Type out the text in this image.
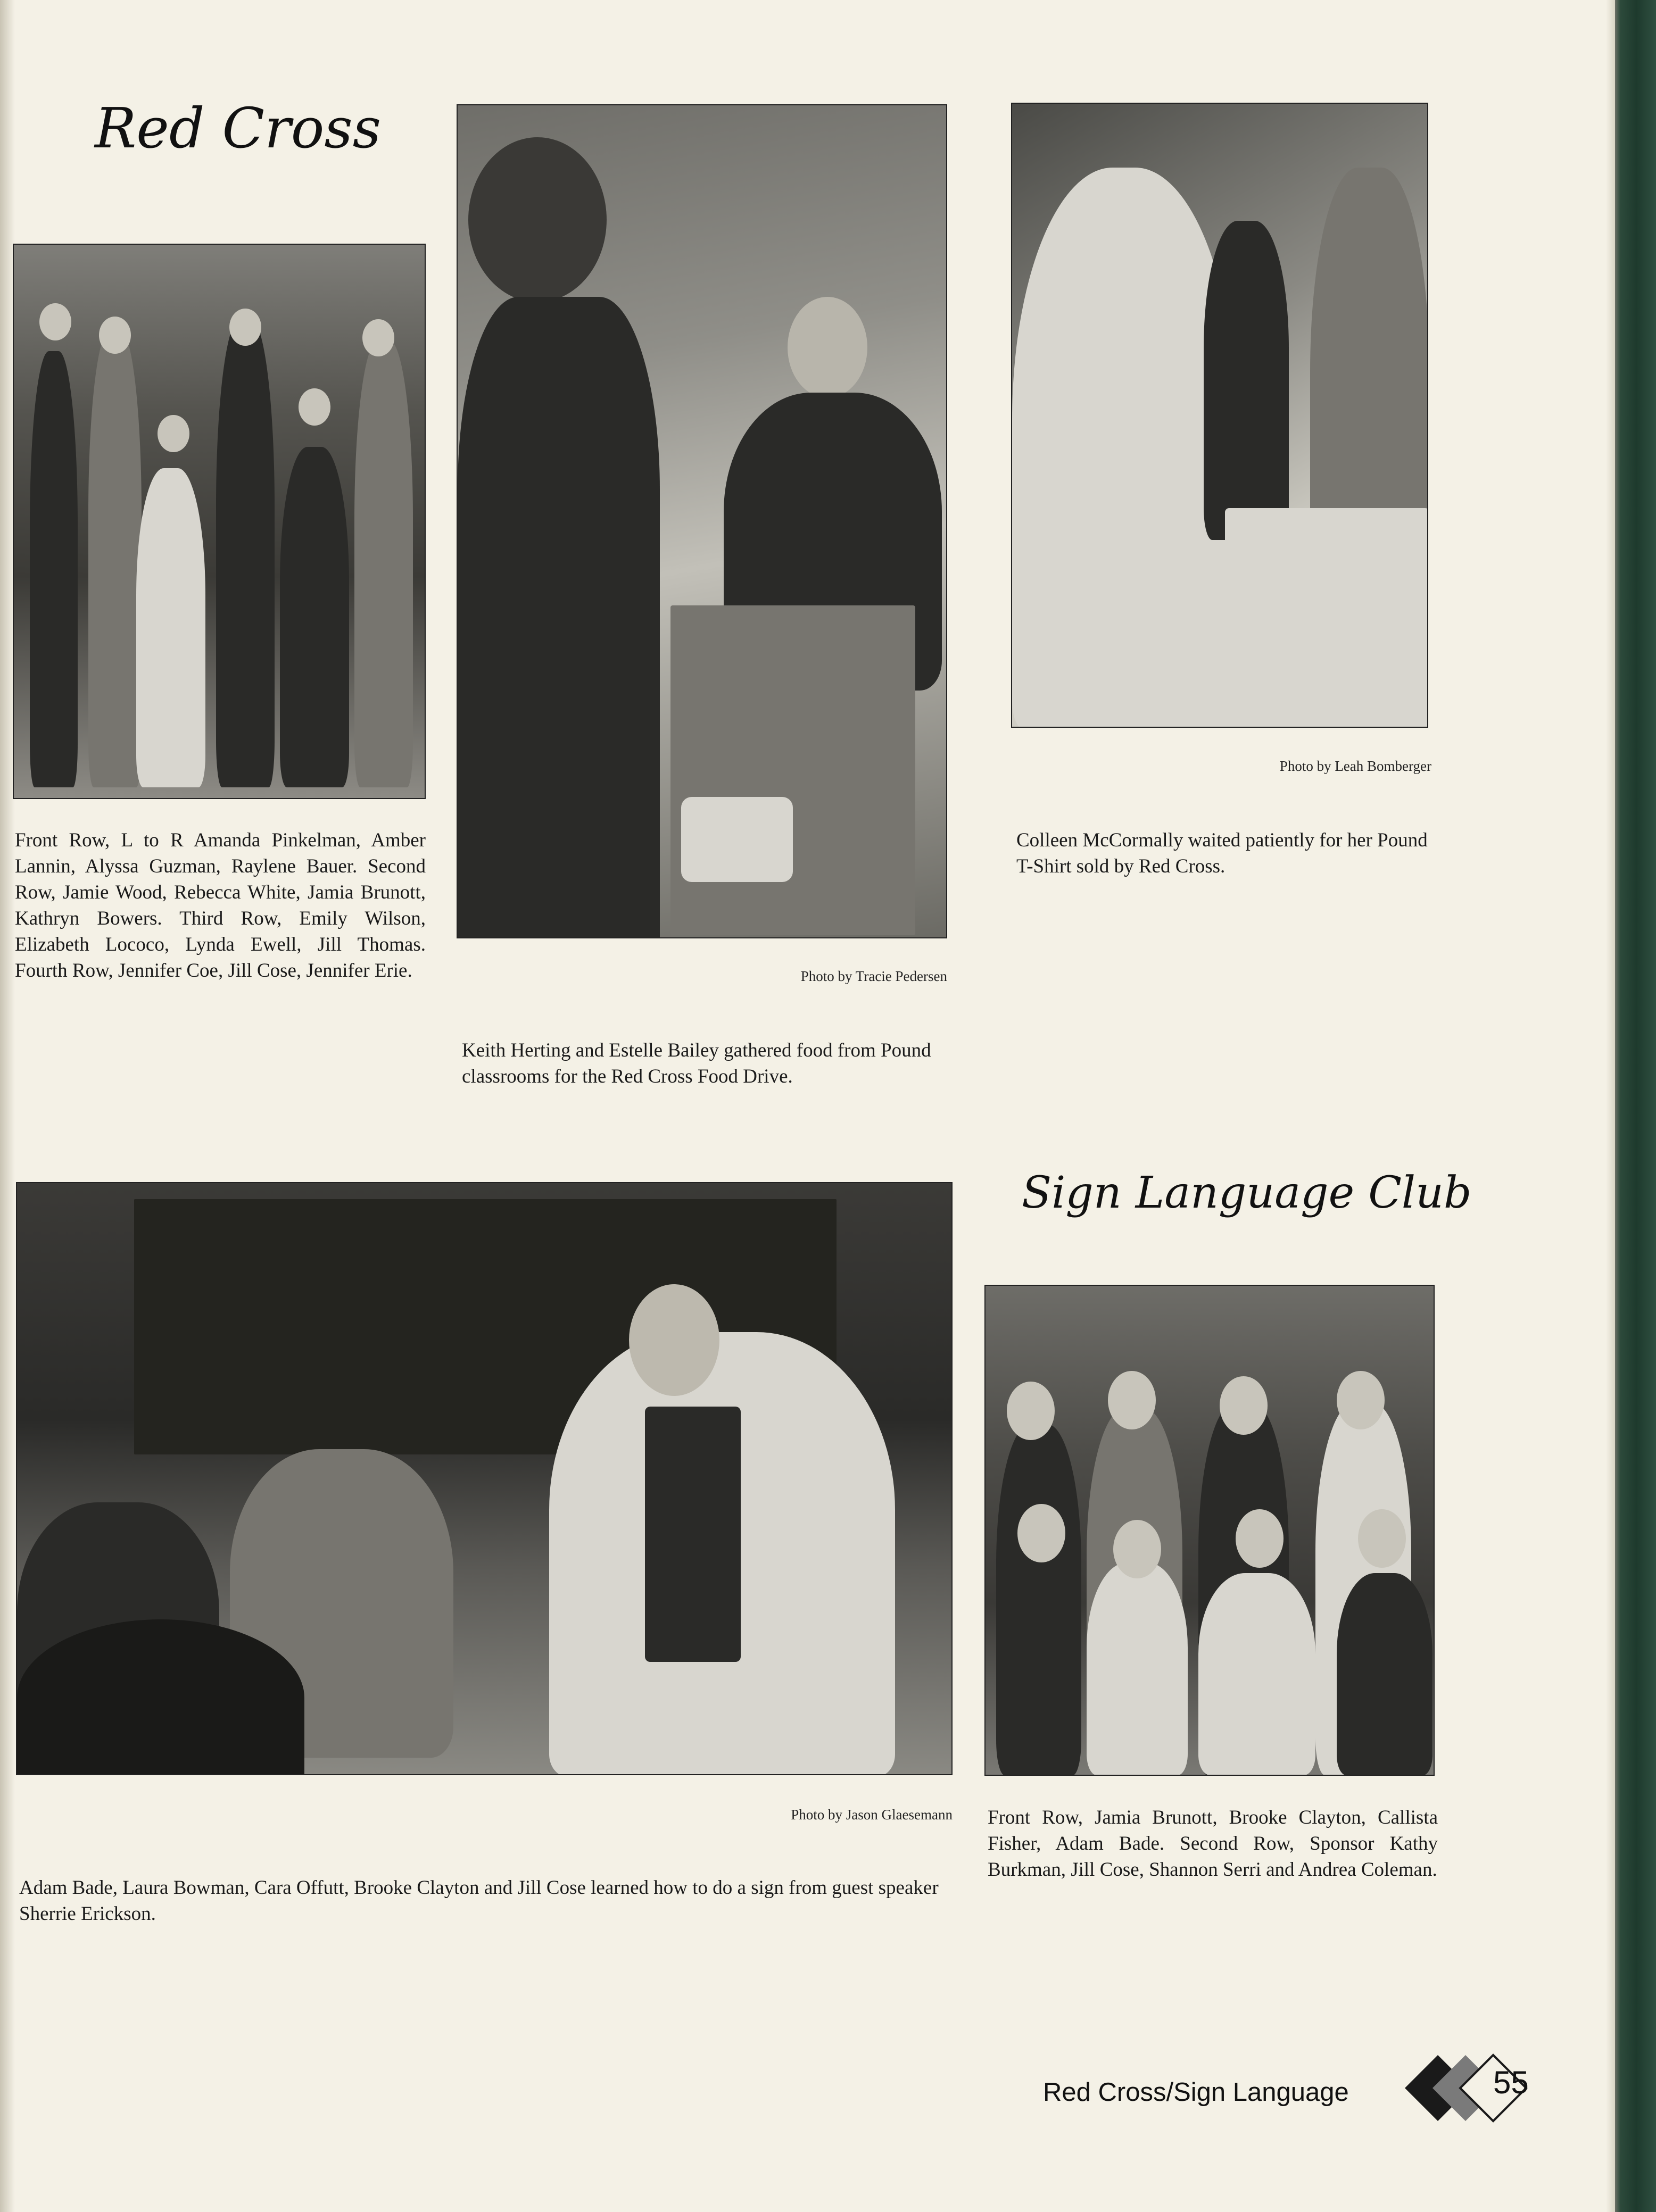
Red Cross

Front Row, L to R Amanda Pinkelman, Amber Lannin, Alyssa Guzman, Raylene Bauer. Second Row, Jamie Wood, Rebecca White, Jamia Brunott, Kathryn Bowers. Third Row, Emily Wilson, Elizabeth Lococo, Lynda Ewell, Jill Thomas. Fourth Row, Jennifer Coe, Jill Cose, Jennifer Erie.	Photo by Tracie Pedersen

Keith Herting and Estelle Bailey gathered food from Pound classrooms for the Red Cross Food Drive.

Photo by Leah Bomberger

Colleen McCormally waited patiently for her Pound T-Shirt sold by Red Cross.

Photo by Jason Glaesemann

Adam Bade, Laura Bowman, Cara Offutt, Brooke Clayton and Jill Cose learned how to do a sign from guest speaker Sherrie Erickson.

Sign Language Club

Front Row, Jamia Brunott, Brooke Clayton, Callista Fisher, Adam Bade. Second Row, Sponsor Kathy Burkman, Jill Cose, Shannon Serri and Andrea Coleman.

Red Cross/Sign Language	55
